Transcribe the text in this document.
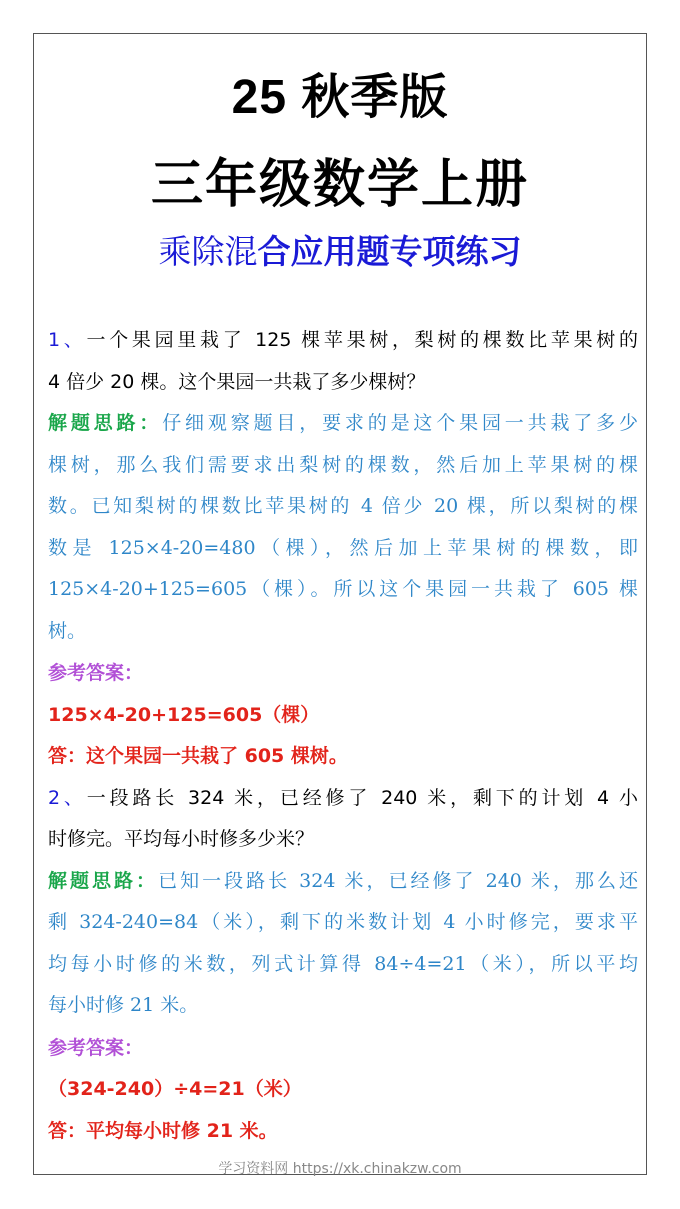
25 秋季版
三年级数学上册
乘除混合应用题专项练习
1、一个果园里栽了 125 棵苹果树，梨树的棵数比苹果树的
4 倍少 20 棵。这个果园一共栽了多少棵树？
解题思路：仔细观察题目，要求的是这个果园一共栽了多少
棵树，那么我们需要求出梨树的棵数，然后加上苹果树的棵
数。已知梨树的棵数比苹果树的 4 倍少 20 棵，所以梨树的棵
数是 125×4-20=480（棵），然后加上苹果树的棵数，即
125×4-20+125=605（棵）。所以这个果园一共栽了 605 棵
树。
参考答案：
125×4-20+125=605（棵）
答：这个果园一共栽了 605 棵树。
2、一段路长 324 米，已经修了 240 米，剩下的计划 4 小
时修完。平均每小时修多少米？
解题思路：已知一段路长 324 米，已经修了 240 米，那么还
剩 324-240=84（米），剩下的米数计划 4 小时修完，要求平
均每小时修的米数，列式计算得 84÷4=21（米），所以平均
每小时修 21 米。
参考答案：
（324-240）÷4=21（米）
答：平均每小时修 21 米。
学习资料网 https://xk.chinakzw.com
